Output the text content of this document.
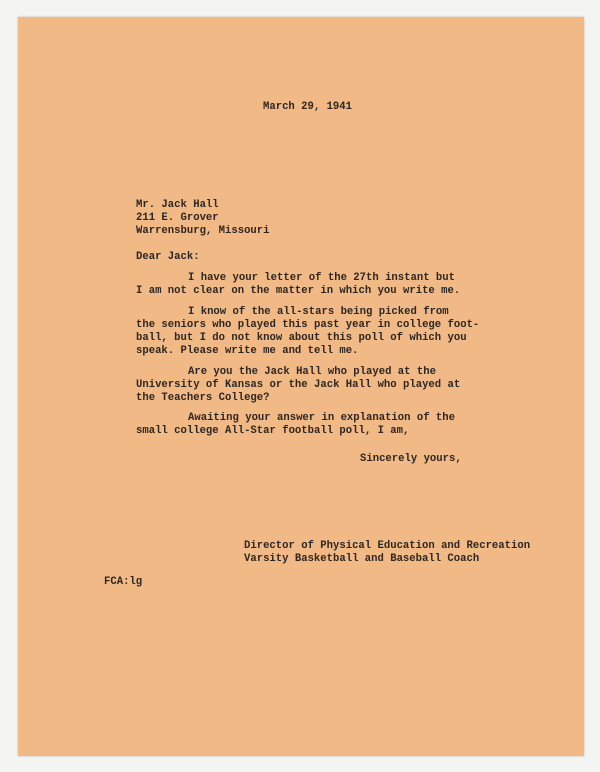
March 29, 1941

Mr. Jack Hall

211 E. Grover

Warrensburg, Missouri

Dear Jack:

I have your letter of the 27th instant but

I am not clear on the matter in which you write me.

I know of the all-stars being picked from

the seniors who played this past year in college foot-

ball, but I do not know about this poll of which you

speak. Please write me and tell me.

Are you the Jack Hall who played at the

University of Kansas or the Jack Hall who played at

the Teachers College?

Awaiting your answer in explanation of the

small college All-Star football poll, I am,

Sincerely yours,

Director of Physical Education and Recreation

Varsity Basketball and Baseball Coach

FCA:lg
